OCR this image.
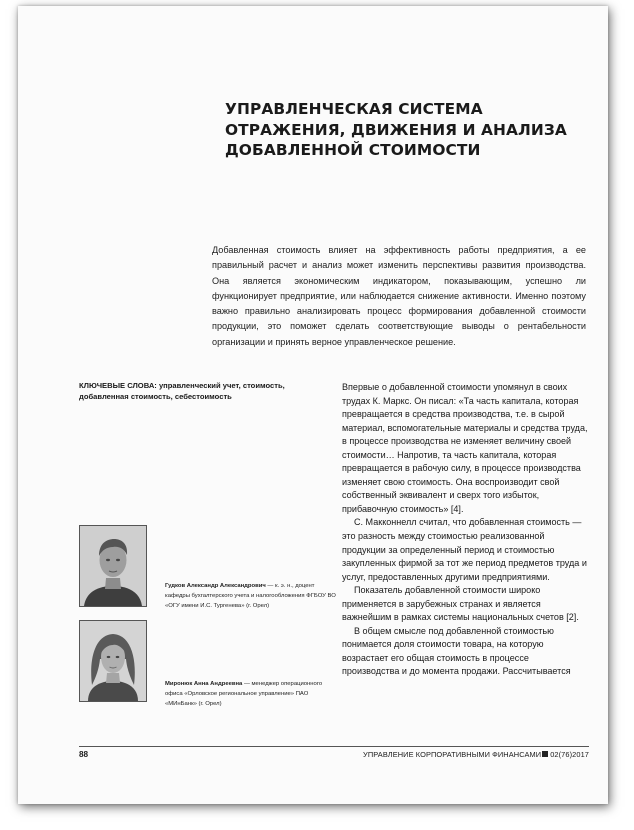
УПРАВЛЕНЧЕСКАЯ СИСТЕМА ОТРАЖЕНИЯ, ДВИЖЕНИЯ И АНАЛИЗА ДОБАВЛЕННОЙ СТОИМОСТИ

Добавленная стоимость влияет на эффективность работы предприятия, а ее правильный расчет и анализ может изменить перспективы развития производства. Она является экономическим индикатором, показывающим, успешно ли функционирует предприятие, или наблюдается снижение активности. Именно поэтому важно правильно анализировать процесс формирования добавленной стоимости продукции, это поможет сделать соответствующие выводы о рентабельности организации и принять верное управленческое решение.

КЛЮЧЕВЫЕ СЛОВА: управленческий учет, стоимость, добавленная стоимость, себестоимость

Гудков Александр Александрович — к. э. н., доцент кафедры бухгалтерского учета и налогообложения ФГБОУ ВО «ОГУ имени И.С. Тургенева» (г. Орел)

Миронюк Анна Андреевна — менеджер операционного офиса «Орловское региональное управление» ПАО «МИнБанк» (г. Орел)

Впервые о добавленной стоимости упомянул в своих трудах К. Маркс. Он писал: «Та часть капитала, которая превращается в средства производства, т.е. в сырой материал, вспомогательные материалы и средства труда, в процессе производства не изменяет величину своей стоимости… Напротив, та часть капитала, которая превращается в рабочую силу, в процессе производства изменяет свою стоимость. Она воспроизводит свой собственный эквивалент и сверх того избыток, прибавочную стоимость» [4].

С. Макконнелл считал, что добавленная стоимость — это разность между стоимостью реализованной продукции за определенный период и стоимостью закупленных фирмой за тот же период предметов труда и услуг, предоставленных другими предприятиями.

Показатель добавленной стоимости широко применяется в зарубежных странах и является важнейшим в рамках системы национальных счетов [2].

В общем смысле под добавленной стоимостью понимается доля стоимости товара, на которую возрастает его общая стоимость в процессе производства и до момента продажи. Рассчитывается

88	УПРАВЛЕНИЕ КОРПОРАТИВНЫМИ ФИНАНСАМИ 02(76)2017
